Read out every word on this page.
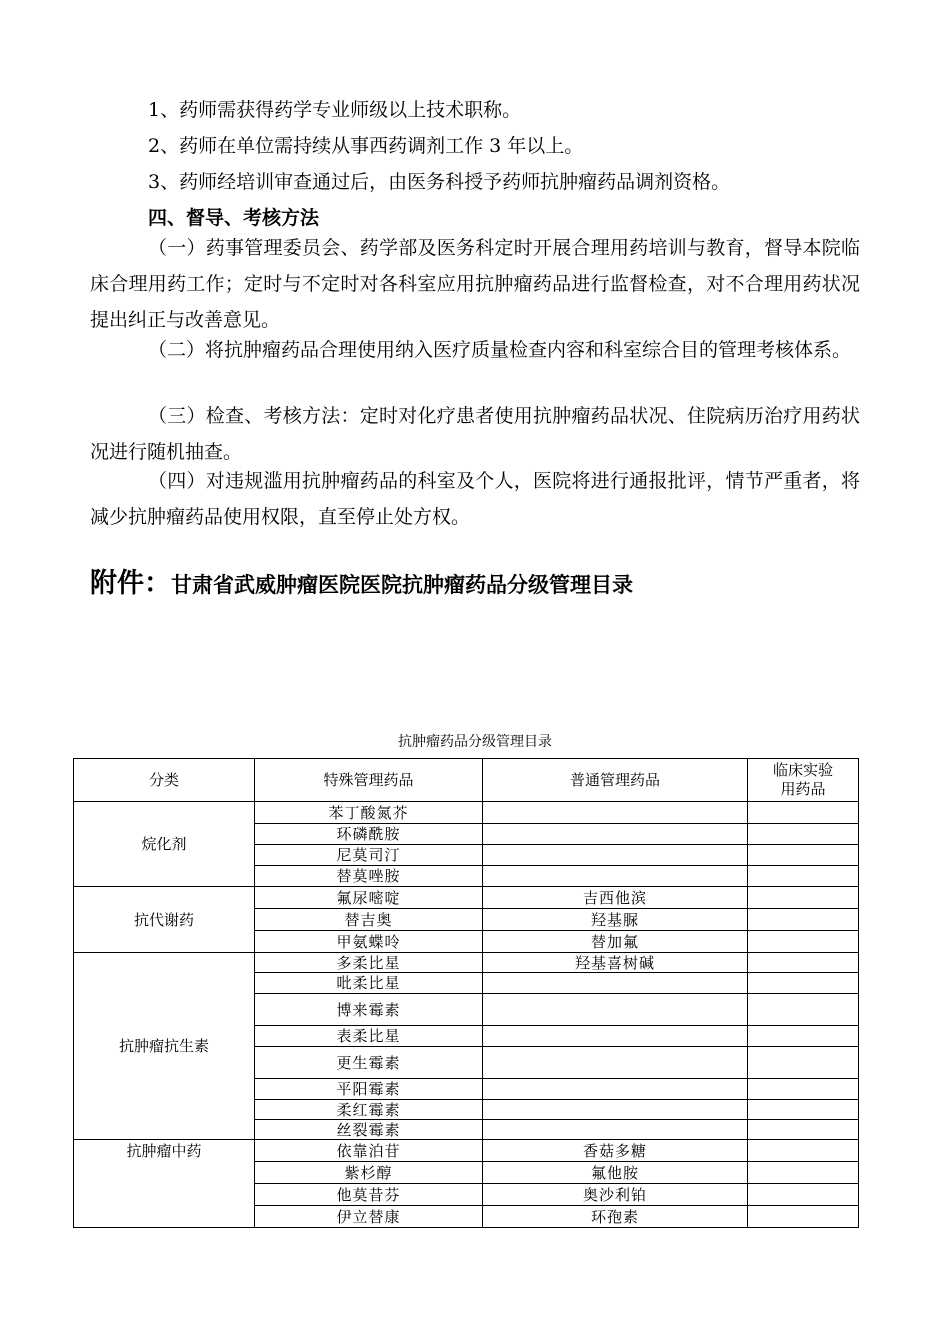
1、药师需获得药学专业师级以上技术职称。

2、药师在单位需持续从事西药调剂工作 3 年以上。

3、药师经培训审查通过后，由医务科授予药师抗肿瘤药品调剂资格。

四、督导、考核方法

（一）药事管理委员会、药学部及医务科定时开展合理用药培训与教育，督导本院临床合理用药工作；定时与不定时对各科室应用抗肿瘤药品进行监督检查，对不合理用药状况提出纠正与改善意见。

（二）将抗肿瘤药品合理使用纳入医疗质量检查内容和科室综合目的管理考核体系。

（三）检查、考核方法：定时对化疗患者使用抗肿瘤药品状况、住院病历治疗用药状况进行随机抽查。

（四）对违规滥用抗肿瘤药品的科室及个人，医院将进行通报批评，情节严重者，将减少抗肿瘤药品使用权限，直至停止处方权。

附件：甘肃省武威肿瘤医院医院抗肿瘤药品分级管理目录
抗肿瘤药品分级管理目录
分类	特殊管理药品	普通管理药品	临床实验
用药品
烷化剂	苯丁酸氮芥		
	环磷酰胺		
	尼莫司汀		
	替莫唑胺		
抗代谢药	氟尿嘧啶	吉西他滨	
	替吉奥	羟基脲	
	甲氨蝶呤	替加氟	
抗肿瘤抗生素	多柔比星	羟基喜树碱	
	吡柔比星		
	博来霉素		
	表柔比星		
	更生霉素		
	平阳霉素		
	柔红霉素		
	丝裂霉素		
抗肿瘤中药	依靠泊苷	香菇多糖	
	紫杉醇	氟他胺	
	他莫昔芬	奥沙利铂	
	伊立替康	环孢素	
